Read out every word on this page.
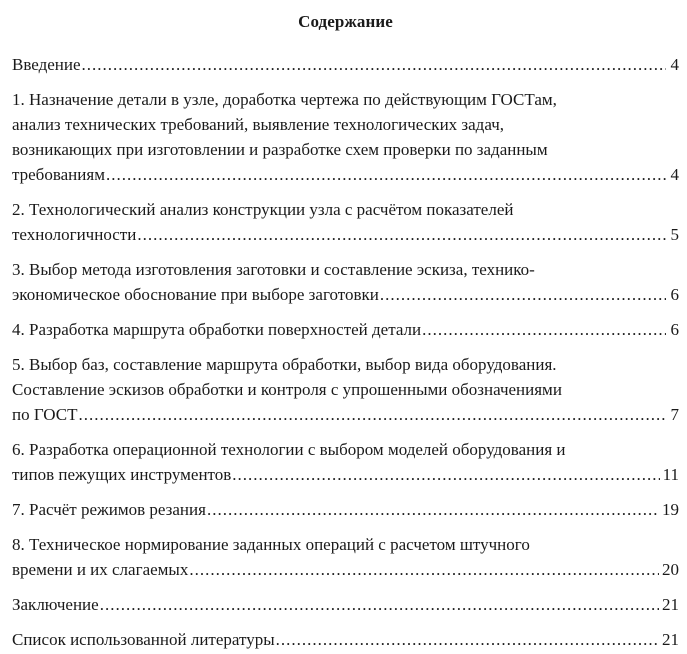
Содержание
Введение .....	4
1. Назначение детали в узле, доработка чертежа по действующим ГОСТам,
анализ технических требований, выявление технологических задач,
возникающих при изготовлении и разработке схем проверки по заданным
требованиям .....	4
2. Технологический анализ конструкции узла с расчётом показателей
технологичности .....	5
3. Выбор метода изготовления заготовки и составление эскиза, технико-
экономическое обоснование при выборе заготовки .....	6
4. Разработка маршрута обработки поверхностей детали .....	6
5. Выбор баз, составление маршрута обработки, выбор вида оборудования.
Составление эскизов обработки и контроля с упрошенными обозначениями
по ГОСТ .....	7
6. Разработка операционной технологии с выбором моделей оборудования и
типов пежущих инструментов .....	11
7. Расчёт режимов резания .....	19
8. Техническое нормирование заданных операций с расчетом штучного
времени и их слагаемых .....	20
Заключение .....	21
Список использованной литературы .....	21
